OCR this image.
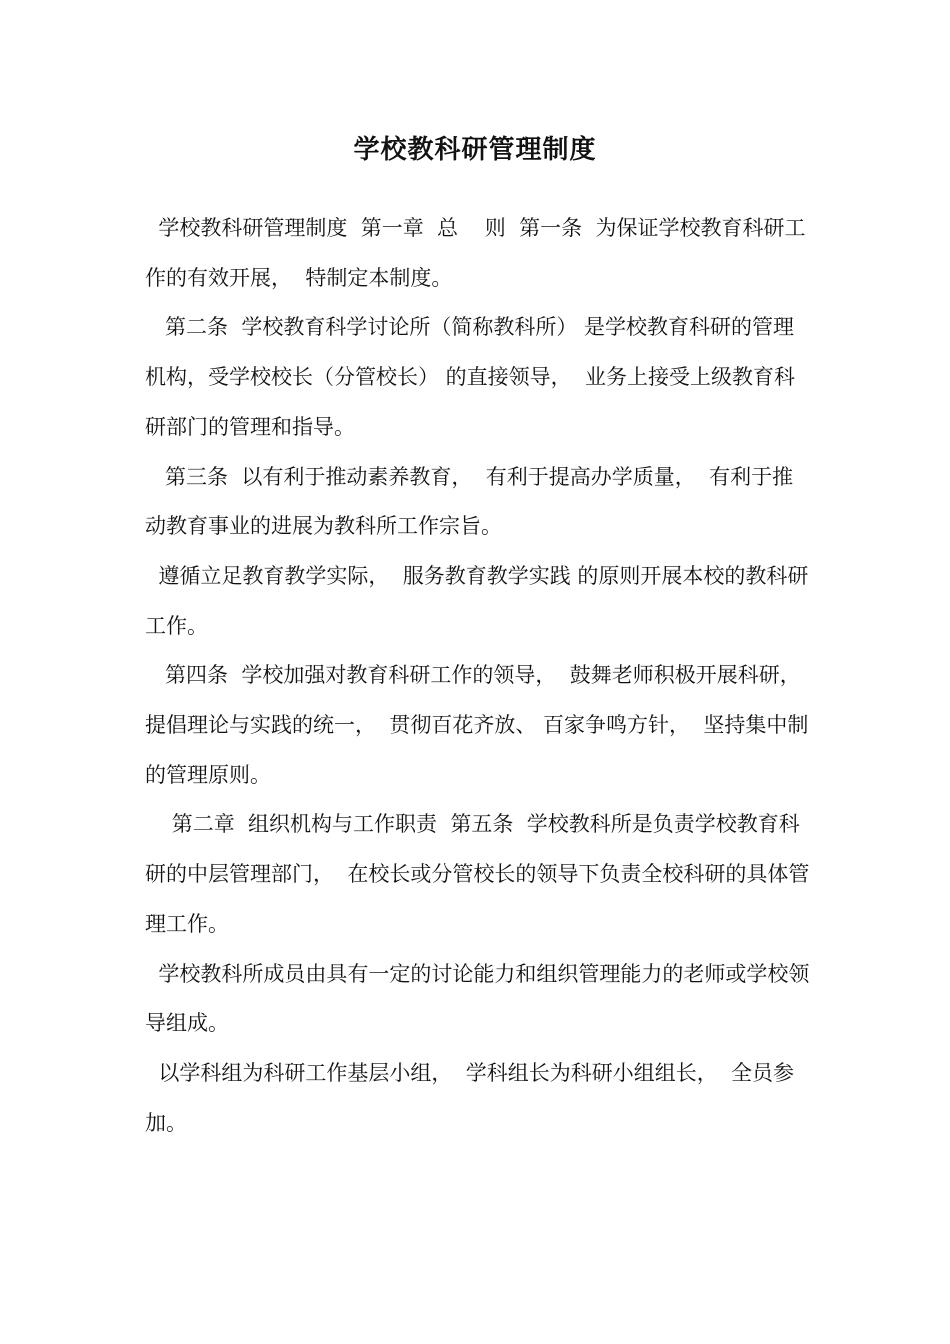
学校教科研管理制度

学校教科研管理制度  第一章  总    则  第一条  为保证学校教育科研工作的有效开展，  特制定本制度。

第二条  学校教育科学讨论所（简称教科所） 是学校教育科研的管理机构，受学校校长（分管校长） 的直接领导，  业务上接受上级教育科研部门的管理和指导。

第三条  以有利于推动素养教育，  有利于提高办学质量，  有利于推动教育事业的进展为教科所工作宗旨。

遵循立足教育教学实际，  服务教育教学实践 的原则开展本校的教科研工作。

第四条  学校加强对教育科研工作的领导，  鼓舞老师积极开展科研，  提倡理论与实践的统一，  贯彻百花齐放、 百家争鸣方针，  坚持集中制的管理原则。

第二章  组织机构与工作职责  第五条  学校教科所是负责学校教育科研的中层管理部门，  在校长或分管校长的领导下负责全校科研的具体管理工作。

学校教科所成员由具有一定的讨论能力和组织管理能力的老师或学校领导组成。

以学科组为科研工作基层小组，  学科组长为科研小组组长，  全员参加。
